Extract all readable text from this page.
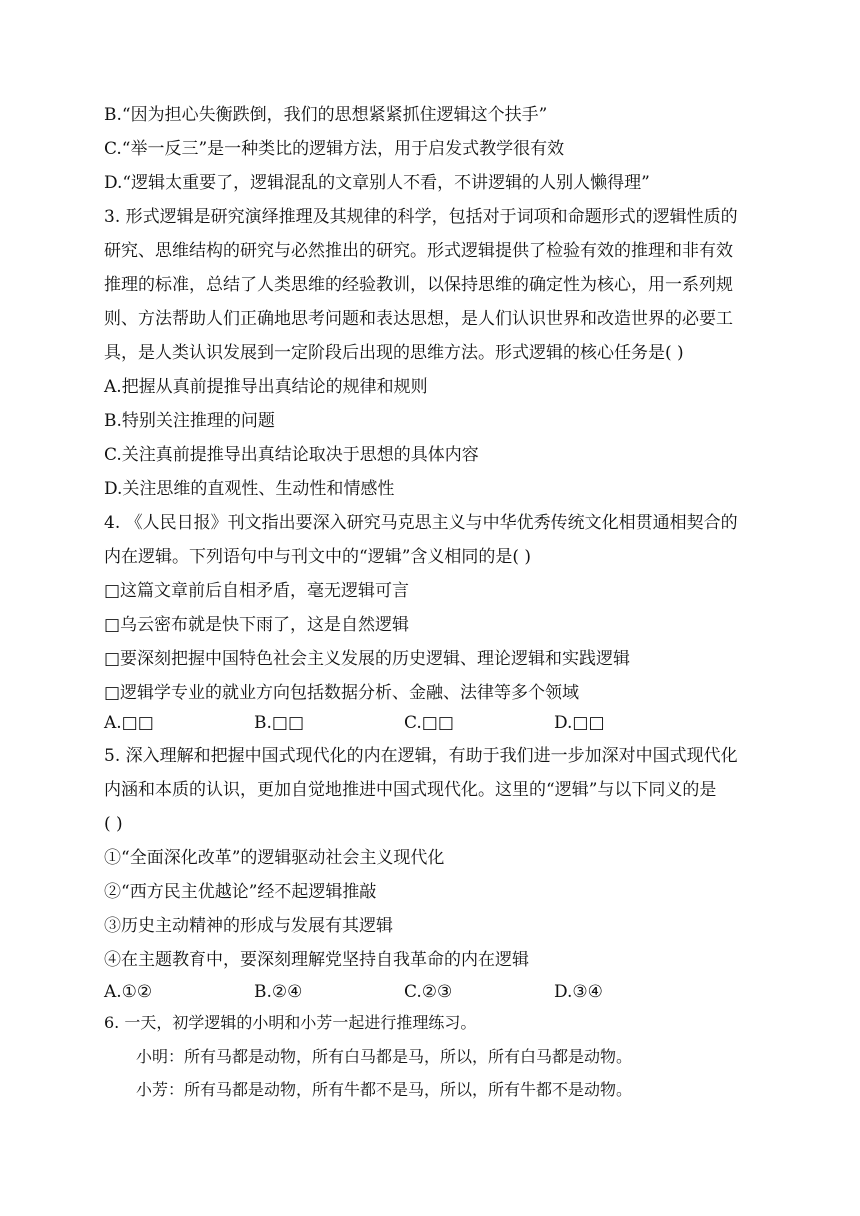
B.“因为担心失衡跌倒，我们的思想紧紧抓住逻辑这个扶手”
C.“举一反三”是一种类比的逻辑方法，用于启发式教学很有效
D.“逻辑太重要了，逻辑混乱的文章别人不看，不讲逻辑的人别人懒得理”
3. 形式逻辑是研究演绎推理及其规律的科学，包括对于词项和命题形式的逻辑性质的
研究、思维结构的研究与必然推出的研究。形式逻辑提供了检验有效的推理和非有效
推理的标准，总结了人类思维的经验教训，以保持思维的确定性为核心，用一系列规
则、方法帮助人们正确地思考问题和表达思想，是人们认识世界和改造世界的必要工
具，是人类认识发展到一定阶段后出现的思维方法。形式逻辑的核心任务是( )
A.把握从真前提推导出真结论的规律和规则
B.特别关注推理的问题
C.关注真前提推导出真结论取决于思想的具体内容
D.关注思维的直观性、生动性和情感性
4. 《人民日报》刊文指出要深入研究马克思主义与中华优秀传统文化相贯通相契合的
内在逻辑。下列语句中与刊文中的“逻辑”含义相同的是( )
□这篇文章前后自相矛盾，毫无逻辑可言
□乌云密布就是快下雨了，这是自然逻辑
□要深刻把握中国特色社会主义发展的历史逻辑、理论逻辑和实践逻辑
□逻辑学专业的就业方向包括数据分析、金融、法律等多个领域
A.□□	B.□□	C.□□	D.□□
5. 深入理解和把握中国式现代化的内在逻辑，有助于我们进一步加深对中国式现代化
内涵和本质的认识，更加自觉地推进中国式现代化。这里的“逻辑”与以下同义的是
( )
①“全面深化改革”的逻辑驱动社会主义现代化
②“西方民主优越论”经不起逻辑推敲
③历史主动精神的形成与发展有其逻辑
④在主题教育中，要深刻理解党坚持自我革命的内在逻辑
A.①②	B.②④	C.②③	D.③④
6. 一天，初学逻辑的小明和小芳一起进行推理练习。
小明：所有马都是动物，所有白马都是马，所以，所有白马都是动物。
小芳：所有马都是动物，所有牛都不是马，所以，所有牛都不是动物。
